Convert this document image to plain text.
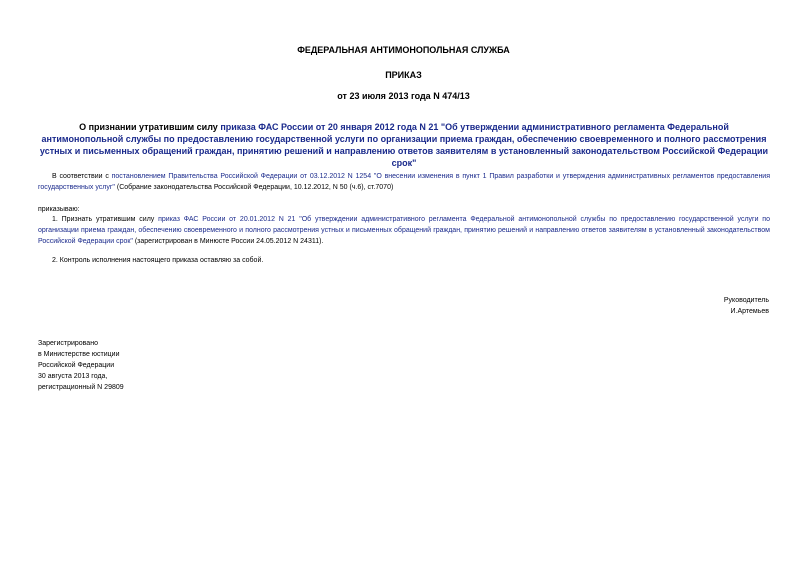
ФЕДЕРАЛЬНАЯ АНТИМОНОПОЛЬНАЯ СЛУЖБА
ПРИКАЗ
от 23 июля 2013 года N 474/13
О признании утратившим силу приказа ФАС России от 20 января 2012 года N 21 "Об утверждении административного регламента Федеральной антимонопольной службы по предоставлению государственной услуги по организации приема граждан, обеспечению своевременного и полного рассмотрения устных и письменных обращений граждан, принятию решений и направлению ответов заявителям в установленный законодательством Российской Федерации срок"
В соответствии с постановлением Правительства Российской Федерации от 03.12.2012 N 1254 "О внесении изменения в пункт 1 Правил разработки и утверждения административных регламентов предоставления государственных услуг" (Собрание законодательства Российской Федерации, 10.12.2012, N 50 (ч.6), ст.7070)
приказываю:
1. Признать утратившим силу приказ ФАС России от 20.01.2012 N 21 "Об утверждении административного регламента Федеральной антимонопольной службы по предоставлению государственной услуги по организации приема граждан, обеспечению своевременного и полного рассмотрения устных и письменных обращений граждан, принятию решений и направлению ответов заявителям в установленный законодательством Российской Федерации срок" (зарегистрирован в Минюсте России 24.05.2012 N 24311).
2. Контроль исполнения настоящего приказа оставляю за собой.
Руководитель
И.Артемьев
Зарегистрировано
в Министерстве юстиции
Российской Федерации
30 августа 2013 года,
регистрационный N 29809
